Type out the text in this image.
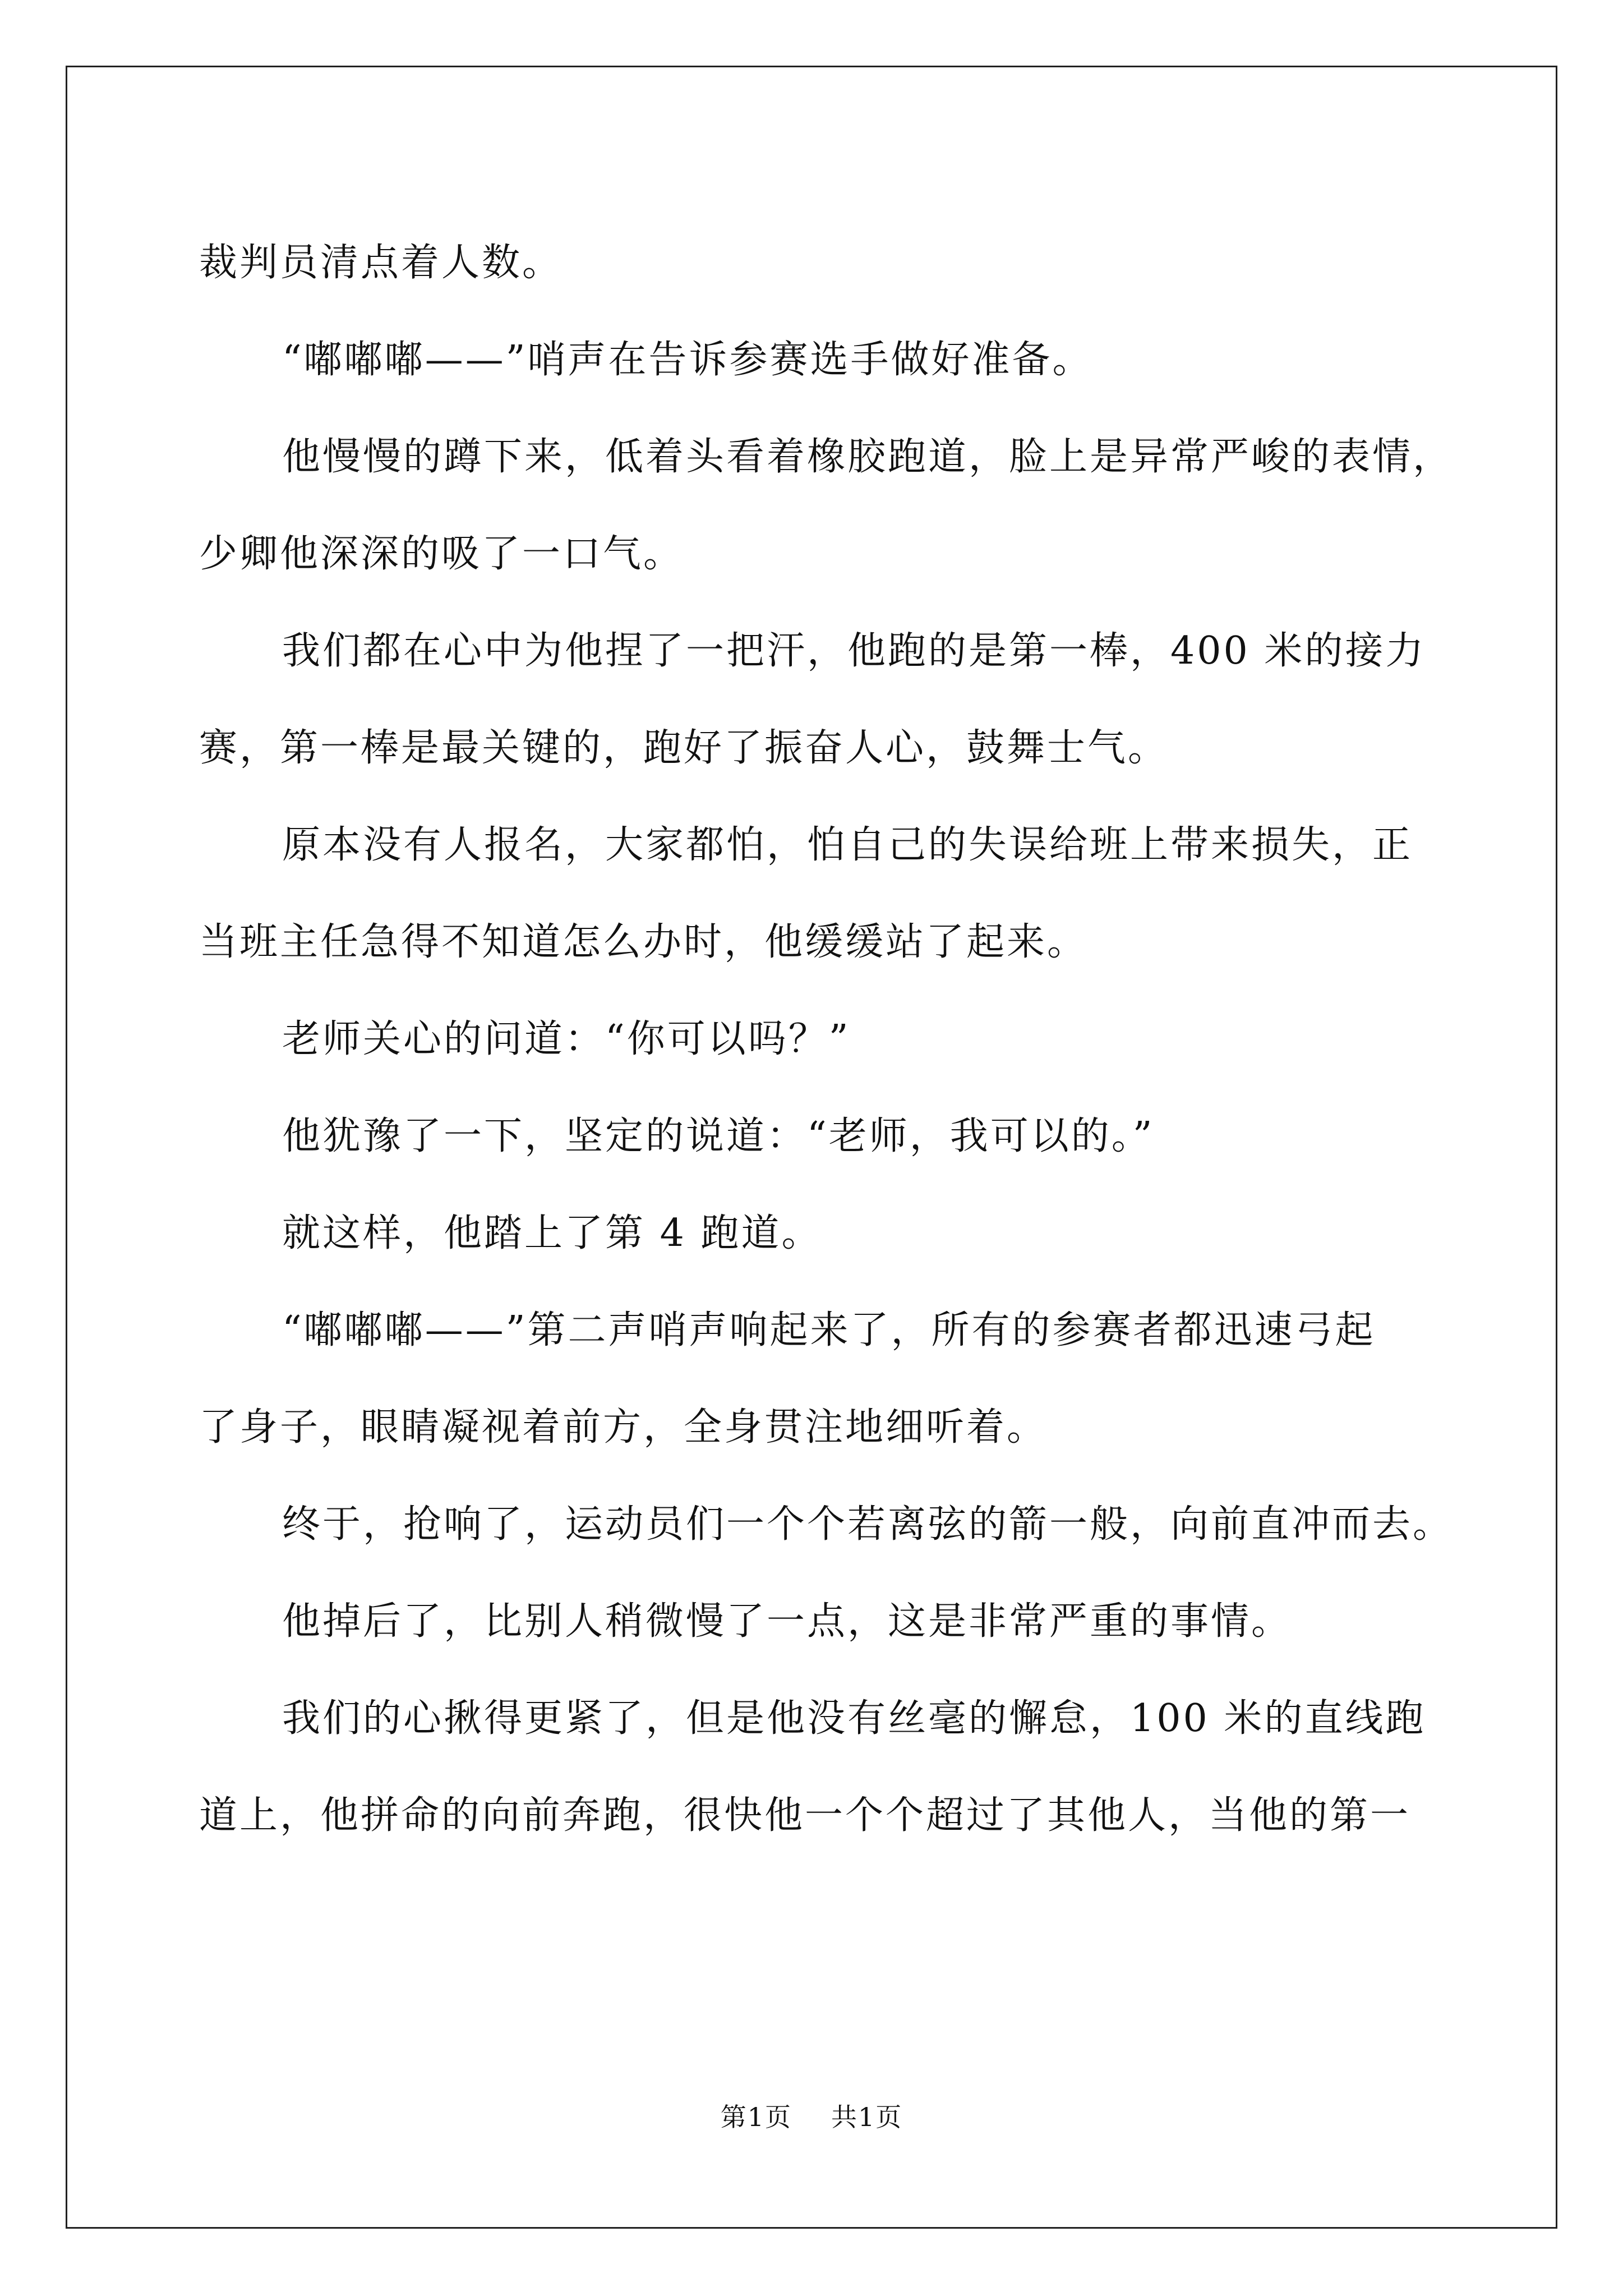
裁判员清点着人数。
“嘟嘟嘟——”哨声在告诉参赛选手做好准备。
他慢慢的蹲下来，低着头看着橡胶跑道，脸上是异常严峻的表情，
少卿他深深的吸了一口气。
我们都在心中为他捏了一把汗，他跑的是第一棒，400 米的接力
赛，第一棒是最关键的，跑好了振奋人心，鼓舞士气。
原本没有人报名，大家都怕，怕自己的失误给班上带来损失，正
当班主任急得不知道怎么办时，他缓缓站了起来。
老师关心的问道：“你可以吗？”
他犹豫了一下，坚定的说道：“老师，我可以的。”
就这样，他踏上了第 4 跑道。
“嘟嘟嘟——”第二声哨声响起来了，所有的参赛者都迅速弓起
了身子，眼睛凝视着前方，全身贯注地细听着。
终于，抢响了，运动员们一个个若离弦的箭一般，向前直冲而去。
他掉后了，比别人稍微慢了一点，这是非常严重的事情。
我们的心揪得更紧了，但是他没有丝毫的懈怠，100 米的直线跑
道上，他拼命的向前奔跑，很快他一个个超过了其他人，当他的第一
第1页 共1页
